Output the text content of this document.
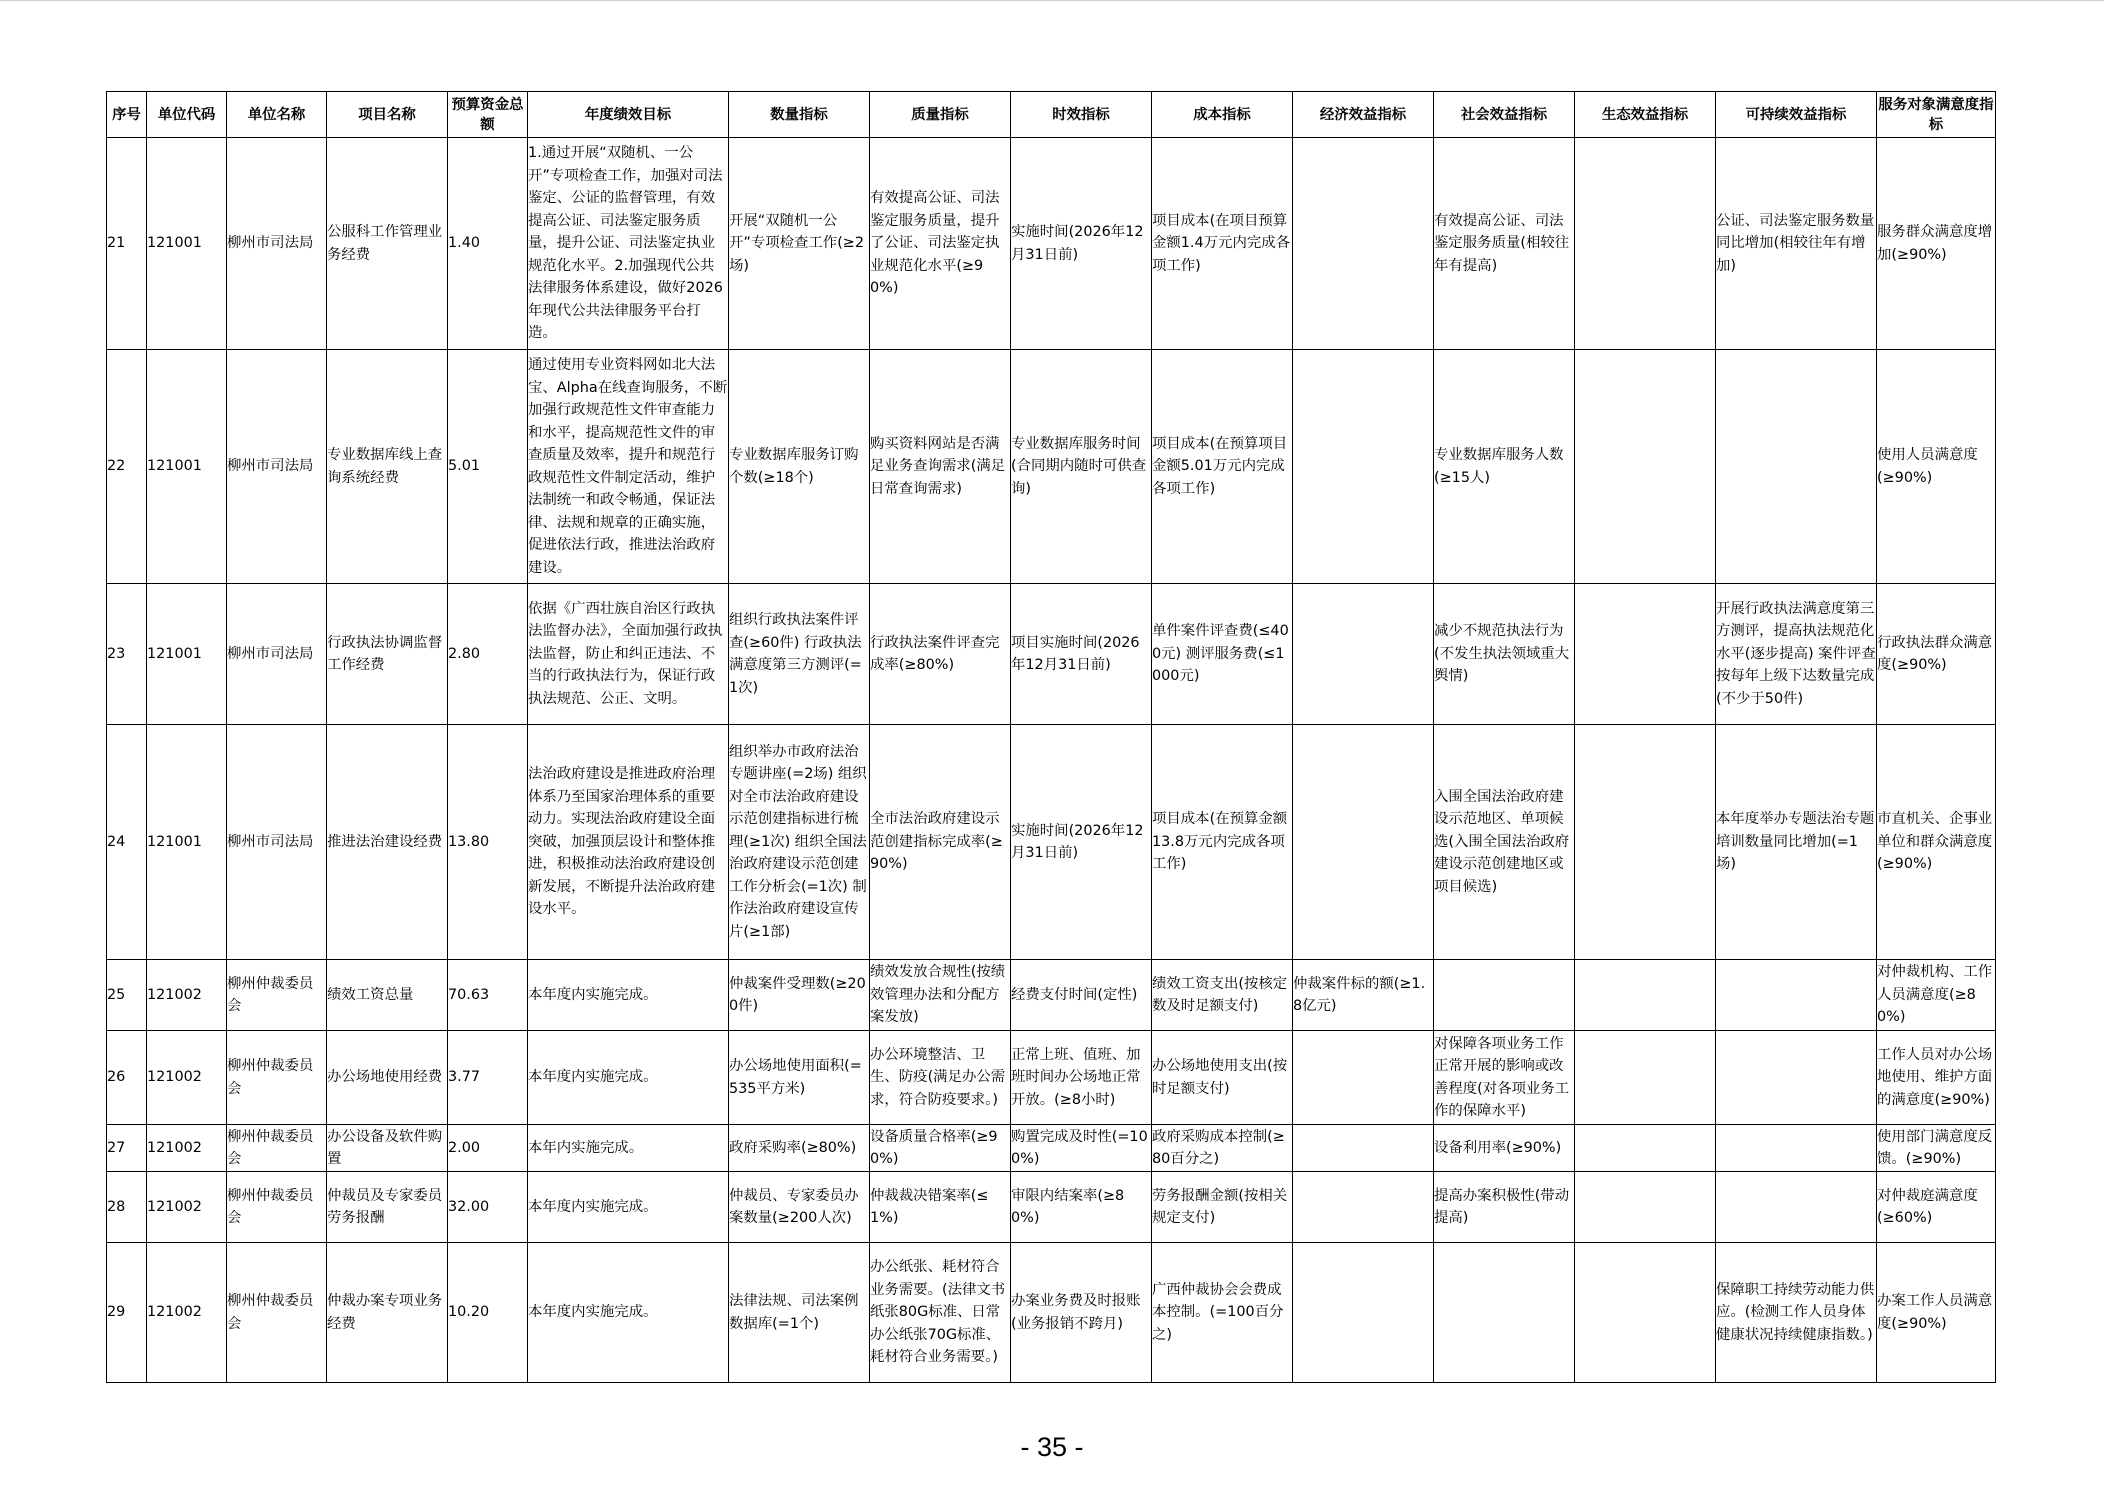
序号	单位代码	单位名称	项目名称	预算资金总额	年度绩效目标	数量指标	质量指标	时效指标	成本指标	经济效益指标	社会效益指标	生态效益指标	可持续效益指标	服务对象满意度指标
21	121001	柳州市司法局	公服科工作管理业务经费	1.40	1.通过开展“双随机、一公开”专项检查工作，加强对司法鉴定、公证的监督管理，有效提高公证、司法鉴定服务质量，提升公证、司法鉴定执业规范化水平。2.加强现代公共法律服务体系建设，做好2026年现代公共法律服务平台打造。	开展“双随机一公开”专项检查工作(≥2场)	有效提高公证、司法鉴定服务质量，提升了公证、司法鉴定执业规范化水平(≥90%)	实施时间(2026年12月31日前)	项目成本(在项目预算金额1.4万元内完成各项工作)		有效提高公证、司法鉴定服务质量(相较往年有提高)		公证、司法鉴定服务数量同比增加(相较往年有增加)	服务群众满意度增加(≥90%)
22	121001	柳州市司法局	专业数据库线上查询系统经费	5.01	通过使用专业资料网如北大法宝、Alpha在线查询服务，不断加强行政规范性文件审查能力和水平，提高规范性文件的审查质量及效率，提升和规范行政规范性文件制定活动，维护法制统一和政令畅通，保证法律、法规和规章的正确实施，促进依法行政，推进法治政府建设。	专业数据库服务订购个数(≥18个)	购买资料网站是否满足业务查询需求(满足日常查询需求)	专业数据库服务时间(合同期内随时可供查询)	项目成本(在预算项目金额5.01万元内完成各项工作)		专业数据库服务人数(≥15人)			使用人员满意度(≥90%)
23	121001	柳州市司法局	行政执法协调监督工作经费	2.80	依据《广西壮族自治区行政执法监督办法》，全面加强行政执法监督，防止和纠正违法、不当的行政执法行为，保证行政执法规范、公正、文明。	组织行政执法案件评查(≥60件) 行政执法满意度第三方测评(=1次)	行政执法案件评查完成率(≥80%)	项目实施时间(2026年12月31日前)	单件案件评查费(≤400元) 测评服务费(≤1000元)		减少不规范执法行为(不发生执法领域重大舆情)		开展行政执法满意度第三方测评，提高执法规范化水平(逐步提高) 案件评查按每年上级下达数量完成(不少于50件)	行政执法群众满意度(≥90%)
24	121001	柳州市司法局	推进法治建设经费	13.80	法治政府建设是推进政府治理体系乃至国家治理体系的重要动力。实现法治政府建设全面突破，加强顶层设计和整体推进，积极推动法治政府建设创新发展，不断提升法治政府建设水平。	组织举办市政府法治专题讲座(=2场) 组织对全市法治政府建设示范创建指标进行梳理(≥1次) 组织全国法治政府建设示范创建工作分析会(=1次) 制作法治政府建设宣传片(≥1部)	全市法治政府建设示范创建指标完成率(≥90%)	实施时间(2026年12月31日前)	项目成本(在预算金额13.8万元内完成各项工作)		入围全国法治政府建设示范地区、单项候选(入围全国法治政府建设示范创建地区或项目候选)		本年度举办专题法治专题培训数量同比增加(=1场)	市直机关、企事业单位和群众满意度(≥90%)
25	121002	柳州仲裁委员会	绩效工资总量	70.63	本年度内实施完成。	仲裁案件受理数(≥200件)	绩效发放合规性(按绩效管理办法和分配方案发放)	经费支付时间(定性)	绩效工资支出(按核定数及时足额支付)	仲裁案件标的额(≥1.8亿元)				对仲裁机构、工作人员满意度(≥80%)
26	121002	柳州仲裁委员会	办公场地使用经费	3.77	本年度内实施完成。	办公场地使用面积(=535平方米)	办公环境整洁、卫生、防疫(满足办公需求，符合防疫要求。)	正常上班、值班、加班时间办公场地正常开放。(≥8小时)	办公场地使用支出(按时足额支付)		对保障各项业务工作正常开展的影响或改善程度(对各项业务工作的保障水平)			工作人员对办公场地使用、维护方面的满意度(≥90%)
27	121002	柳州仲裁委员会	办公设备及软件购置	2.00	本年内实施完成。	政府采购率(≥80%)	设备质量合格率(≥90%)	购置完成及时性(=100%)	政府采购成本控制(≥80百分之)		设备利用率(≥90%)			使用部门满意度反馈。(≥90%)
28	121002	柳州仲裁委员会	仲裁员及专家委员劳务报酬	32.00	本年度内实施完成。	仲裁员、专家委员办案数量(≥200人次)	仲裁裁决错案率(≤1%)	审限内结案率(≥80%)	劳务报酬金额(按相关规定支付)		提高办案积极性(带动提高)			对仲裁庭满意度(≥60%)
29	121002	柳州仲裁委员会	仲裁办案专项业务经费	10.20	本年度内实施完成。	法律法规、司法案例数据库(=1个)	办公纸张、耗材符合业务需要。(法律文书纸张80G标准、日常办公纸张70G标准、耗材符合业务需要。)	办案业务费及时报账(业务报销不跨月)	广西仲裁协会会费成本控制。(=100百分之)				保障职工持续劳动能力供应。(检测工作人员身体健康状况持续健康指数。)	办案工作人员满意度(≥90%)
- 35 -
